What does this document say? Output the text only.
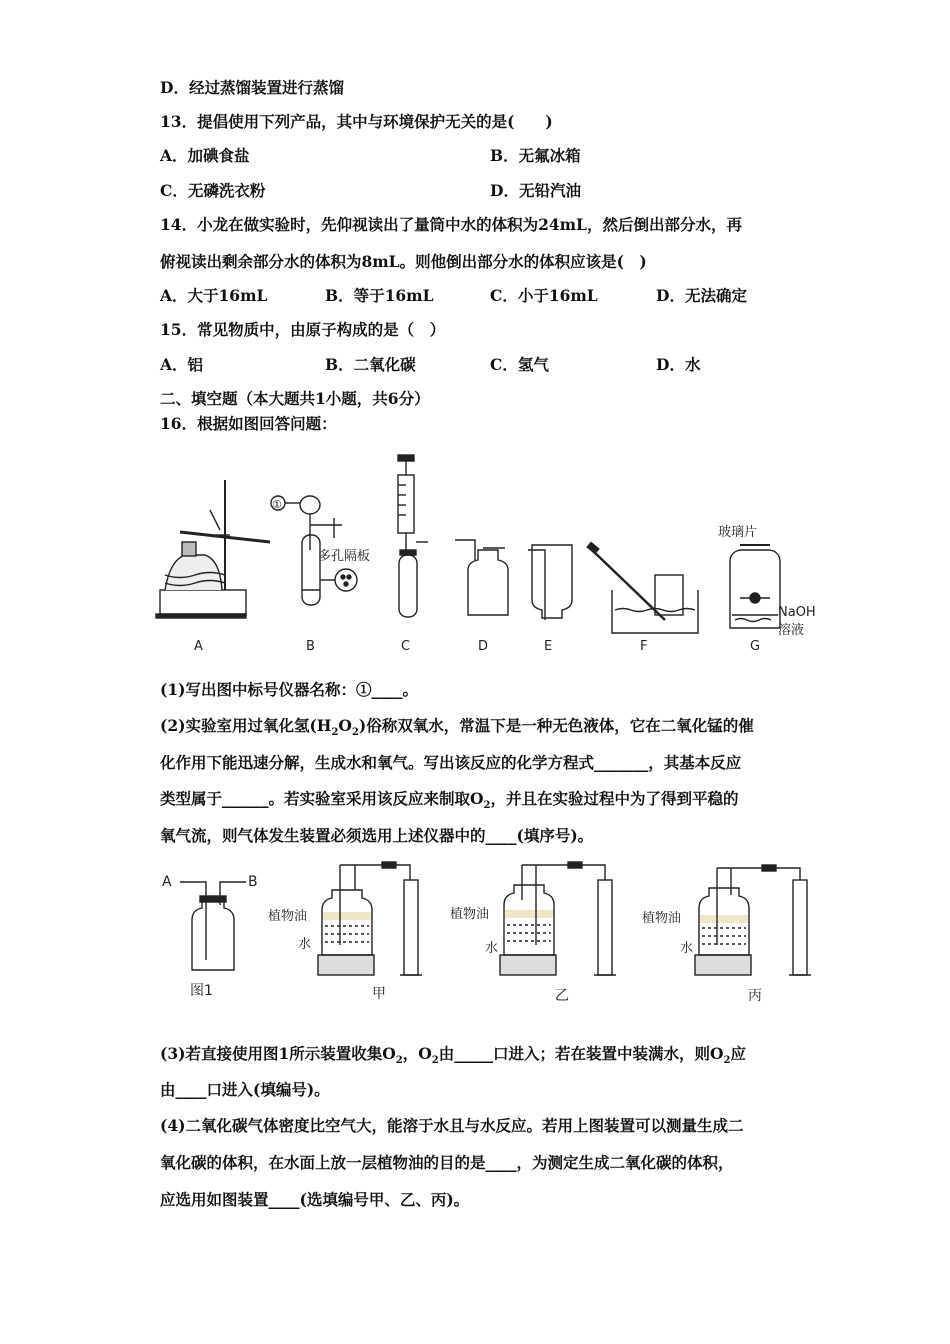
D．经过蒸馏装置进行蒸馏
13．提倡使用下列产品，其中与环境保护无关的是(　　)
A．加碘食盐	B．无氟冰箱
C．无磷洗衣粉	D．无铅汽油
14．小龙在做实验时，先仰视读出了量筒中水的体积为24mL，然后倒出部分水，再
俯视读出剩余部分水的体积为8mL。则他倒出部分水的体积应该是(　)
A．大于16mL	B．等于16mL	C．小于16mL	D．无法确定
15．常见物质中，由原子构成的是（　）
A．铝	B．二氧化碳	C．氢气	D．水
二、填空题（本大题共1小题，共6分）
16．根据如图回答问题：
A
①
多孔隔板
B	C	D	E	F
玻璃片
NaOH
溶液
G
(1)写出图中标号仪器名称：①____。
(2)实验室用过氧化氢$(H_2O_2)$俗称双氧水，常温下是一种无色液体，它在二氧化锰的催
化作用下能迅速分解，生成水和氧气。写出该反应的化学方程式_______，其基本反应
类型属于______。若实验室采用该反应来制取$O_2$，并且在实验过程中为了得到平稳的
氧气流，则气体发生装置必须选用上述仪器中的____(填序号)。
A	B
图1
植物油
水
甲
植物油
水
乙
植物油
水
丙
(3)若直接使用图1所示装置收集$O_2$，$O_2$由_____口进入；若在装置中装满水，则$O_2$应
由____口进入(填编号)。
(4)二氧化碳气体密度比空气大，能溶于水且与水反应。若用上图装置可以测量生成二
氧化碳的体积，在水面上放一层植物油的目的是____，为测定生成二氧化碳的体积，
应选用如图装置____(选填编号甲、乙、丙)。
